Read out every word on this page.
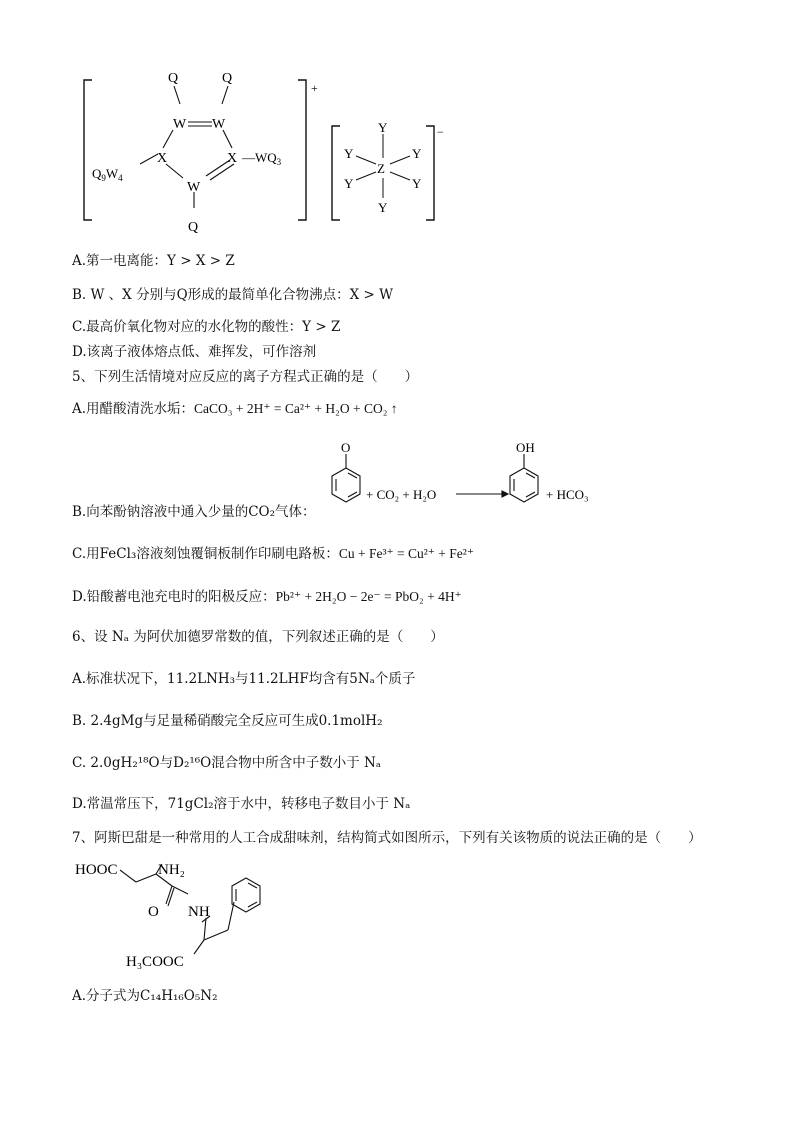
+
Q	Q
W W
X	X $—WQ_3$
$Q_9W_4$
W
Q
−
Y
Y	Y
Z
Y	Y
Y
A.第一电离能：Y > X > Z
B. W 、X 分别与Q形成的最简单化合物沸点：X > W
C.最高价氧化物对应的水化物的酸性：Y > Z
D.该离子液体熔点低、难挥发，可作溶剂
5、下列生活情境对应反应的离子方程式正确的是（　　）
A.用醋酸清洗水垢：CaCO₃ + 2H⁺ = Ca²⁺ + H₂O + CO₂ ↑
O
+ CO₂ + H₂O
OH
+ HCO₃
B.向苯酚钠溶液中通入少量的CO₂气体：
C.用FeCl₃溶液刻蚀覆铜板制作印刷电路板：Cu + Fe³⁺ = Cu²⁺ + Fe²⁺
D.铅酸蓄电池充电时的阳极反应：Pb²⁺ + 2H₂O − 2e⁻ = PbO₂ + 4H⁺
6、设 Nₐ 为阿伏加德罗常数的值，下列叙述正确的是（　　）
A.标准状况下，11.2LNH₃与11.2LHF均含有5Nₐ个质子
B. 2.4gMg与足量稀硝酸完全反应可生成0.1molH₂
C. 2.0gH₂¹⁸O与D₂¹⁶O混合物中所含中子数小于 Nₐ
D.常温常压下，71gCl₂溶于水中，转移电子数目小于 Nₐ
7、阿斯巴甜是一种常用的人工合成甜味剂，结构简式如图所示，下列有关该物质的说法正确的是（　　）
HOOC	NH₂
O NH
H₃COOC
A.分子式为C₁₄H₁₆O₅N₂
